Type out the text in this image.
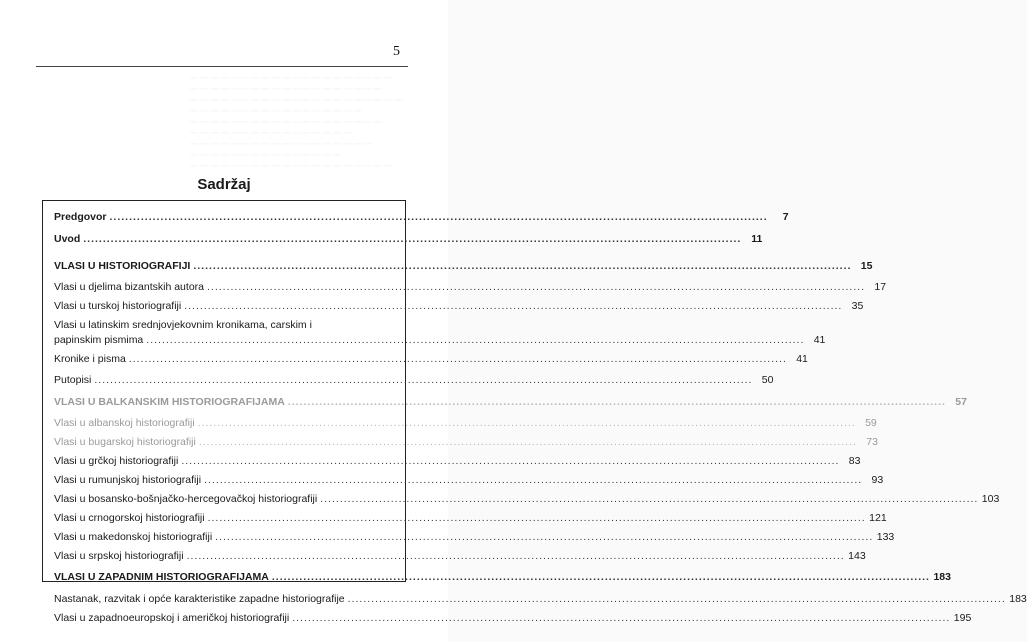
5
— — — — — — — — — — — — — — — — — — — —
— — — — — — — — — — — — — — — — — — —
— — — — — — — — — — — — — — — — — — — — —
— — — — — — — — — — — — — — — — —
— — — — — — — — — — — — — — — — — — —
— — — — — — — — — — — — — — — —
— — — — — — — — — — — — — — — — — —
— — — — — — — — — — — — — — —
— — — — — — — — — — — — — — — — — — — —
Sadržaj
Predgovor .....	7
Uvod .....	11
VLASI U HISTORIOGRAFIJI .....	15
Vlasi u djelima bizantskih autora .....	17
Vlasi u turskoj historiografiji .....	35
Vlasi u latinskim srednjovjekovnim kronikama, carskim i
papinskim pismima .....	41
Kronike i pisma .....	41
Putopisi .....	50
VLASI U BALKANSKIM HISTORIOGRAFIJAMA .....	57
Vlasi u albanskoj historiografiji .....	59
Vlasi u bugarskoj historiografiji .....	73
Vlasi u grčkoj historiografiji .....	83
Vlasi u rumunjskoj historiografiji .....	93
Vlasi u bosansko-bošnjačko-hercegovačkoj historiografiji .....	103
Vlasi u crnogorskoj historiografiji .....	121
Vlasi u makedonskoj historiografiji .....	133
Vlasi u srpskoj historiografiji .....	143
VLASI U ZAPADNIM HISTORIOGRAFIJAMA .....	183
Nastanak, razvitak i opće karakteristike zapadne historiografije .....	183
Vlasi u zapadnoeuropskoj i američkoj historiografiji .....	195
